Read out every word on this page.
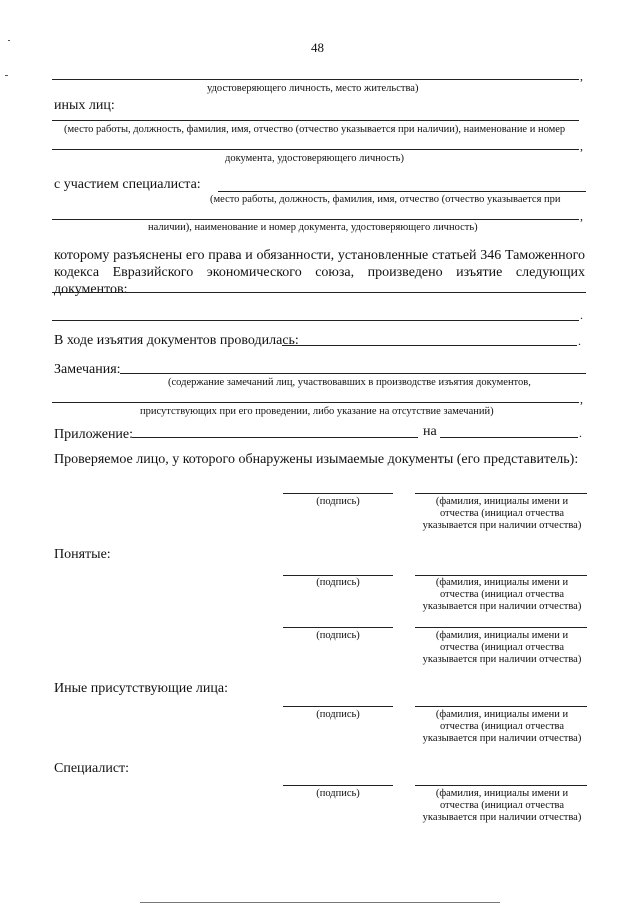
48
,
удостоверяющего личность, место жительства)
иных лиц:
(место работы, должность, фамилия, имя, отчество (отчество указывается при наличии), наименование и номер
,
документа, удостоверяющего личность)
с участием специалиста:
(место работы, должность, фамилия, имя, отчество (отчество указывается при
,
наличии), наименование и номер документа, удостоверяющего личность)
которому разъяснены его права и обязанности, установленные статьей 346 Таможенного кодекса Евразийского экономического союза, произведено изъятие следующих документов:
.
В ходе изъятия документов проводилась:	.
Замечания:
(содержание замечаний лиц, участвовавших в производстве изъятия документов,
,
присутствующих при его проведении, либо указание на отсутствие замечаний)
Приложение:	на	.
Проверяемое лицо, у которого обнаружены изымаемые документы (его представитель):
(подпись)	(фамилия, инициалы имени и
отчества (инициал отчества
указывается при наличии отчества)
Понятые:
(подпись)	(фамилия, инициалы имени и
отчества (инициал отчества
указывается при наличии отчества)
(подпись)	(фамилия, инициалы имени и
отчества (инициал отчества
указывается при наличии отчества)
Иные присутствующие лица:
(подпись)	(фамилия, инициалы имени и
отчества (инициал отчества
указывается при наличии отчества)
Специалист:
(подпись)	(фамилия, инициалы имени и
отчества (инициал отчества
указывается при наличии отчества)
